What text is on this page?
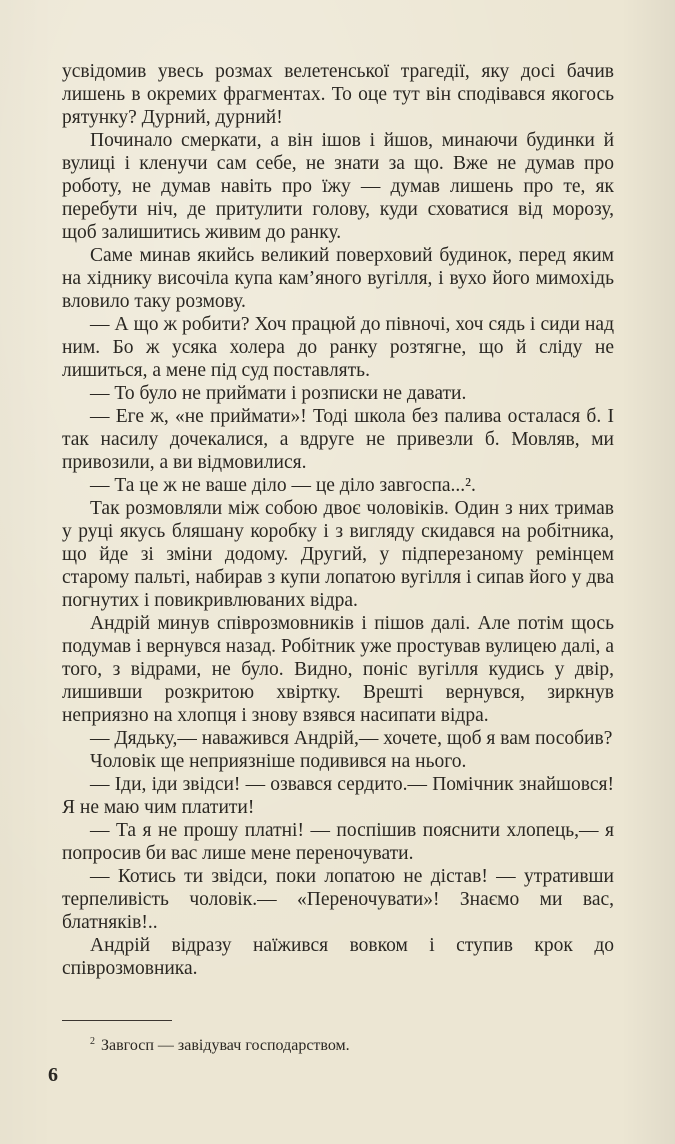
усвідомив увесь розмах велетенської трагедії, яку досі бачив лишень в окремих фрагментах. То оце тут він сподівався якогось рятунку? Дурний, дурний!

Починало смеркати, а він ішов і йшов, минаючи будинки й вулиці і кленучи сам себе, не знати за що. Вже не думав про роботу, не думав навіть про їжу — думав лишень про те, як перебути ніч, де притулити голову, куди сховатися від морозу, щоб залишитись живим до ранку.

Саме минав якийсь великий поверховий будинок, перед яким на хіднику височіла купа кам’яного вугілля, і вухо його мимохідь вловило таку розмову.

— А що ж робити? Хоч працюй до півночі, хоч сядь і сиди над ним. Бо ж усяка холера до ранку розтягне, що й сліду не лишиться, а мене під суд поставлять.

— То було не приймати і розписки не давати.

— Еге ж, «не приймати»! Тоді школа без палива осталася б. І так насилу дочекалися, а вдруге не привезли б. Мовляв, ми привозили, а ви відмовилися.

— Та це ж не ваше діло — це діло завгоспа...².

Так розмовляли між собою двоє чоловіків. Один з них тримав у руці якусь бляшану коробку і з вигляду скидався на робітника, що йде зі зміни додому. Другий, у підперезаному ремінцем старому пальті, набирав з купи лопатою вугілля і сипав його у два погнутих і повикривлюваних відра.

Андрій минув співрозмовників і пішов далі. Але потім щось подумав і вернувся назад. Робітник уже простував вулицею далі, а того, з відрами, не було. Видно, поніс вугілля кудись у двір, лишивши розкритою хвіртку. Врешті вернувся, зиркнув неприязно на хлопця і знову взявся насипати відра.

— Дядьку,— наважився Андрій,— хочете, щоб я вам пособив?

Чоловік ще неприязніше подивився на нього.

— Іди, іди звідси! — озвався сердито.— Помічник знайшовся! Я не маю чим платити!

— Та я не прошу платні! — поспішив пояснити хлопець,— я попросив би вас лише мене переночувати.

— Котись ти звідси, поки лопатою не дістав! — утративши терпеливість чоловік.— «Переночувати»! Знаємо ми вас, блатняків!..

Андрій відразу наїжився вовком і ступив крок до співрозмовника.

$^2$ Завгосп — завідувач господарством.
6
